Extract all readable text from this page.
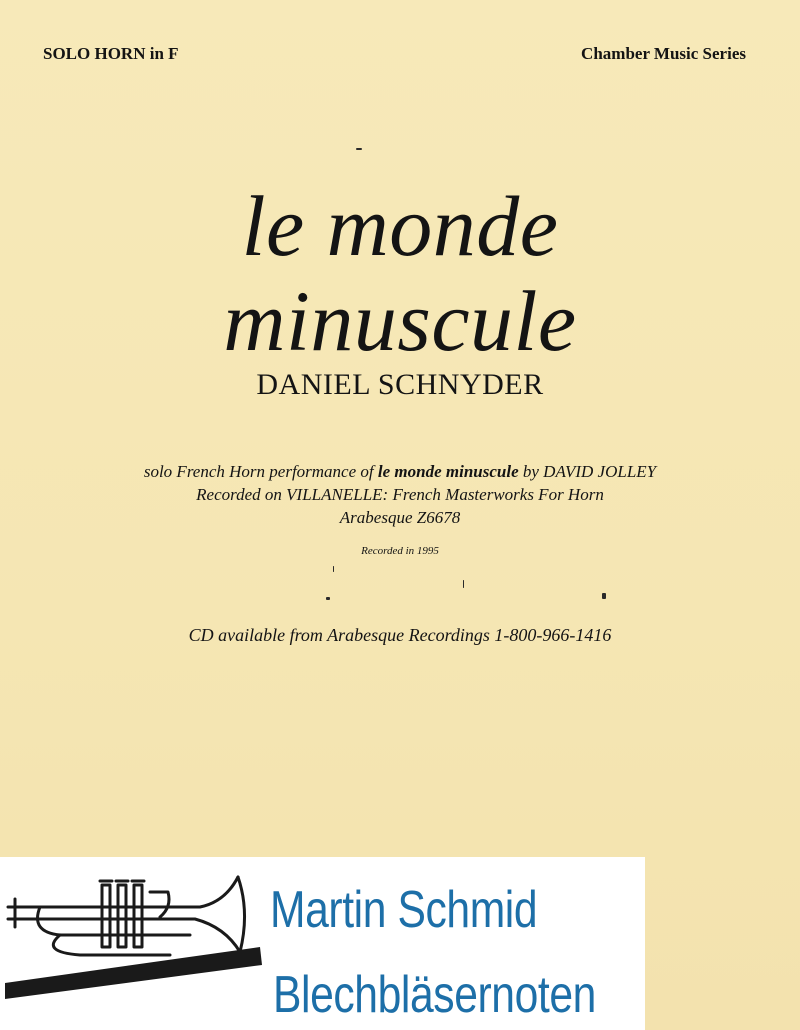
SOLO HORN in F	Chamber Music Series
le monde
minuscule
DANIEL SCHNYDER
solo French Horn performance of le monde minuscule by DAVID JOLLEY
Recorded on VILLANELLE: French Masterworks For Horn
Arabesque Z6678
Recorded in 1995
CD available from Arabesque Recordings 1-800-966-1416
Martin Schmid
Blechbläsernoten
